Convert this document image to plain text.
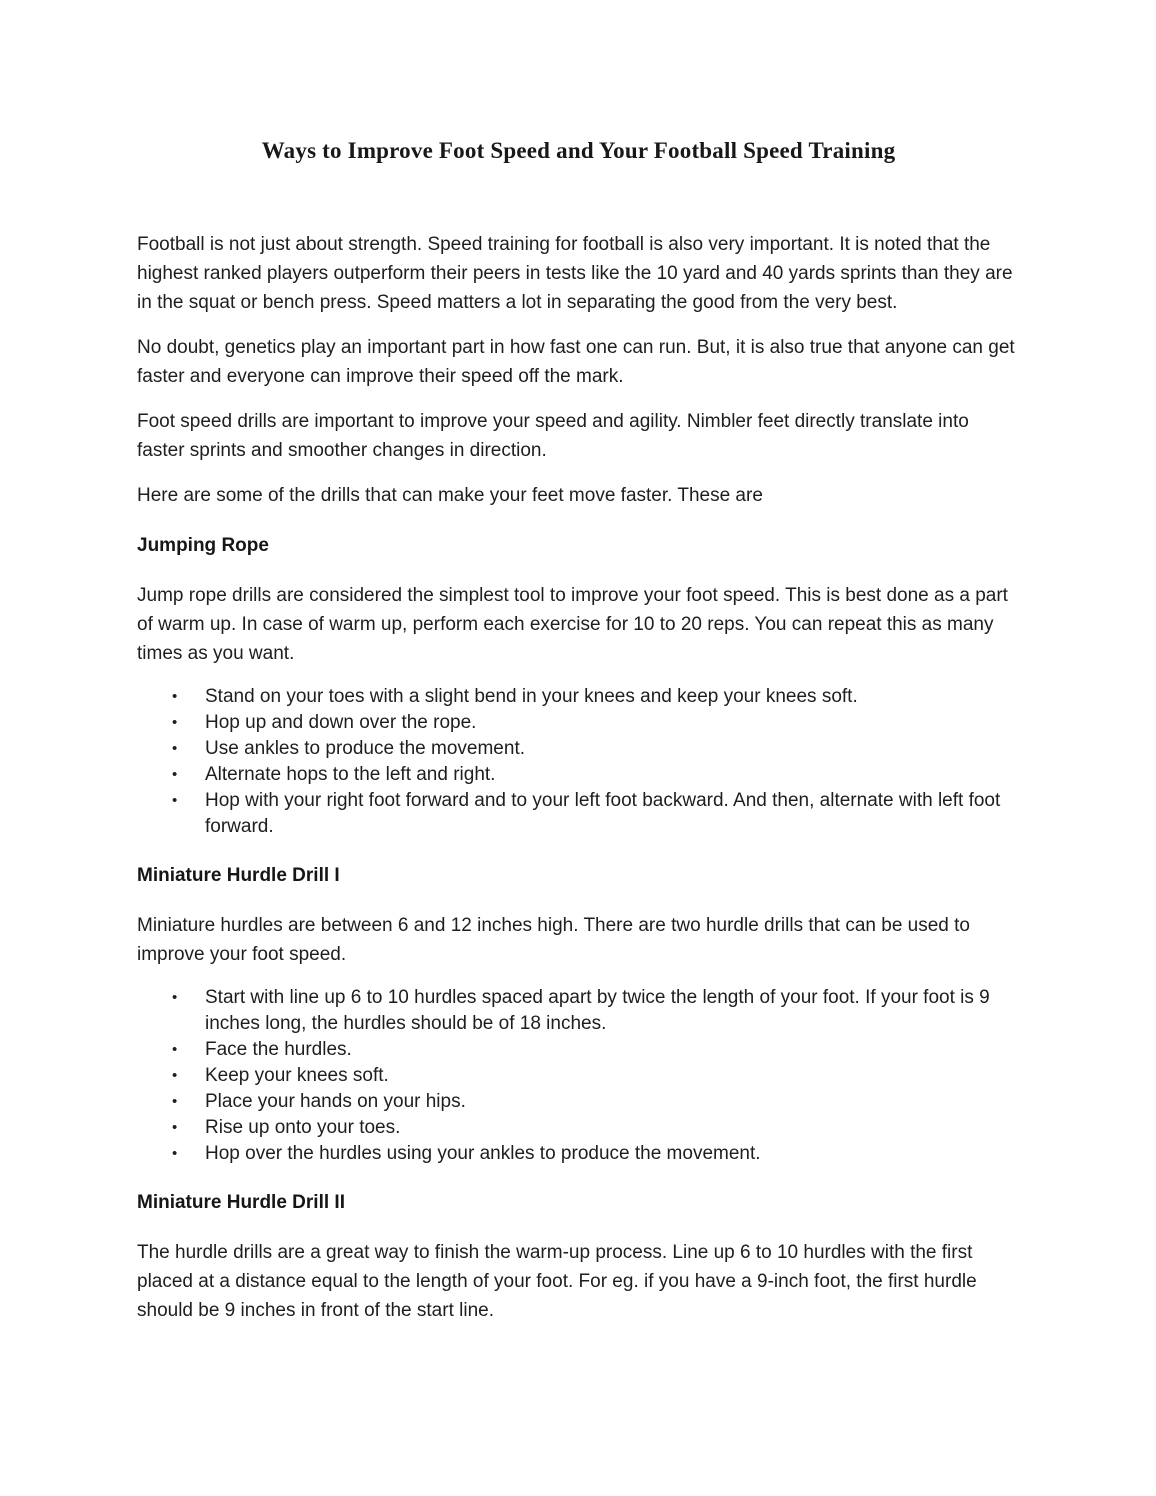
Ways to Improve Foot Speed and Your Football Speed Training

Football is not just about strength. Speed training for football is also very important. It is noted that the highest ranked players outperform their peers in tests like the 10 yard and 40 yards sprints than they are in the squat or bench press. Speed matters a lot in separating the good from the very best.

No doubt, genetics play an important part in how fast one can run. But, it is also true that anyone can get faster and everyone can improve their speed off the mark.

Foot speed drills are important to improve your speed and agility. Nimbler feet directly translate into faster sprints and smoother changes in direction.

Here are some of the drills that can make your feet move faster. These are

Jumping Rope

Jump rope drills are considered the simplest tool to improve your foot speed. This is best done as a part of warm up. In case of warm up, perform each exercise for 10 to 20 reps. You can repeat this as many times as you want.

•	Stand on your toes with a slight bend in your knees and keep your knees soft.
•	Hop up and down over the rope.
•	Use ankles to produce the movement.
•	Alternate hops to the left and right.
•	Hop with your right foot forward and to your left foot backward. And then, alternate with left foot forward.
Miniature Hurdle Drill I

Miniature hurdles are between 6 and 12 inches high. There are two hurdle drills that can be used to improve your foot speed.

•	Start with line up 6 to 10 hurdles spaced apart by twice the length of your foot. If your foot is 9 inches long, the hurdles should be of 18 inches.
•	Face the hurdles.
•	Keep your knees soft.
•	Place your hands on your hips.
•	Rise up onto your toes.
•	Hop over the hurdles using your ankles to produce the movement.
Miniature Hurdle Drill II

The hurdle drills are a great way to finish the warm-up process. Line up 6 to 10 hurdles with the first placed at a distance equal to the length of your foot. For eg. if you have a 9-inch foot, the first hurdle should be 9 inches in front of the start line.
